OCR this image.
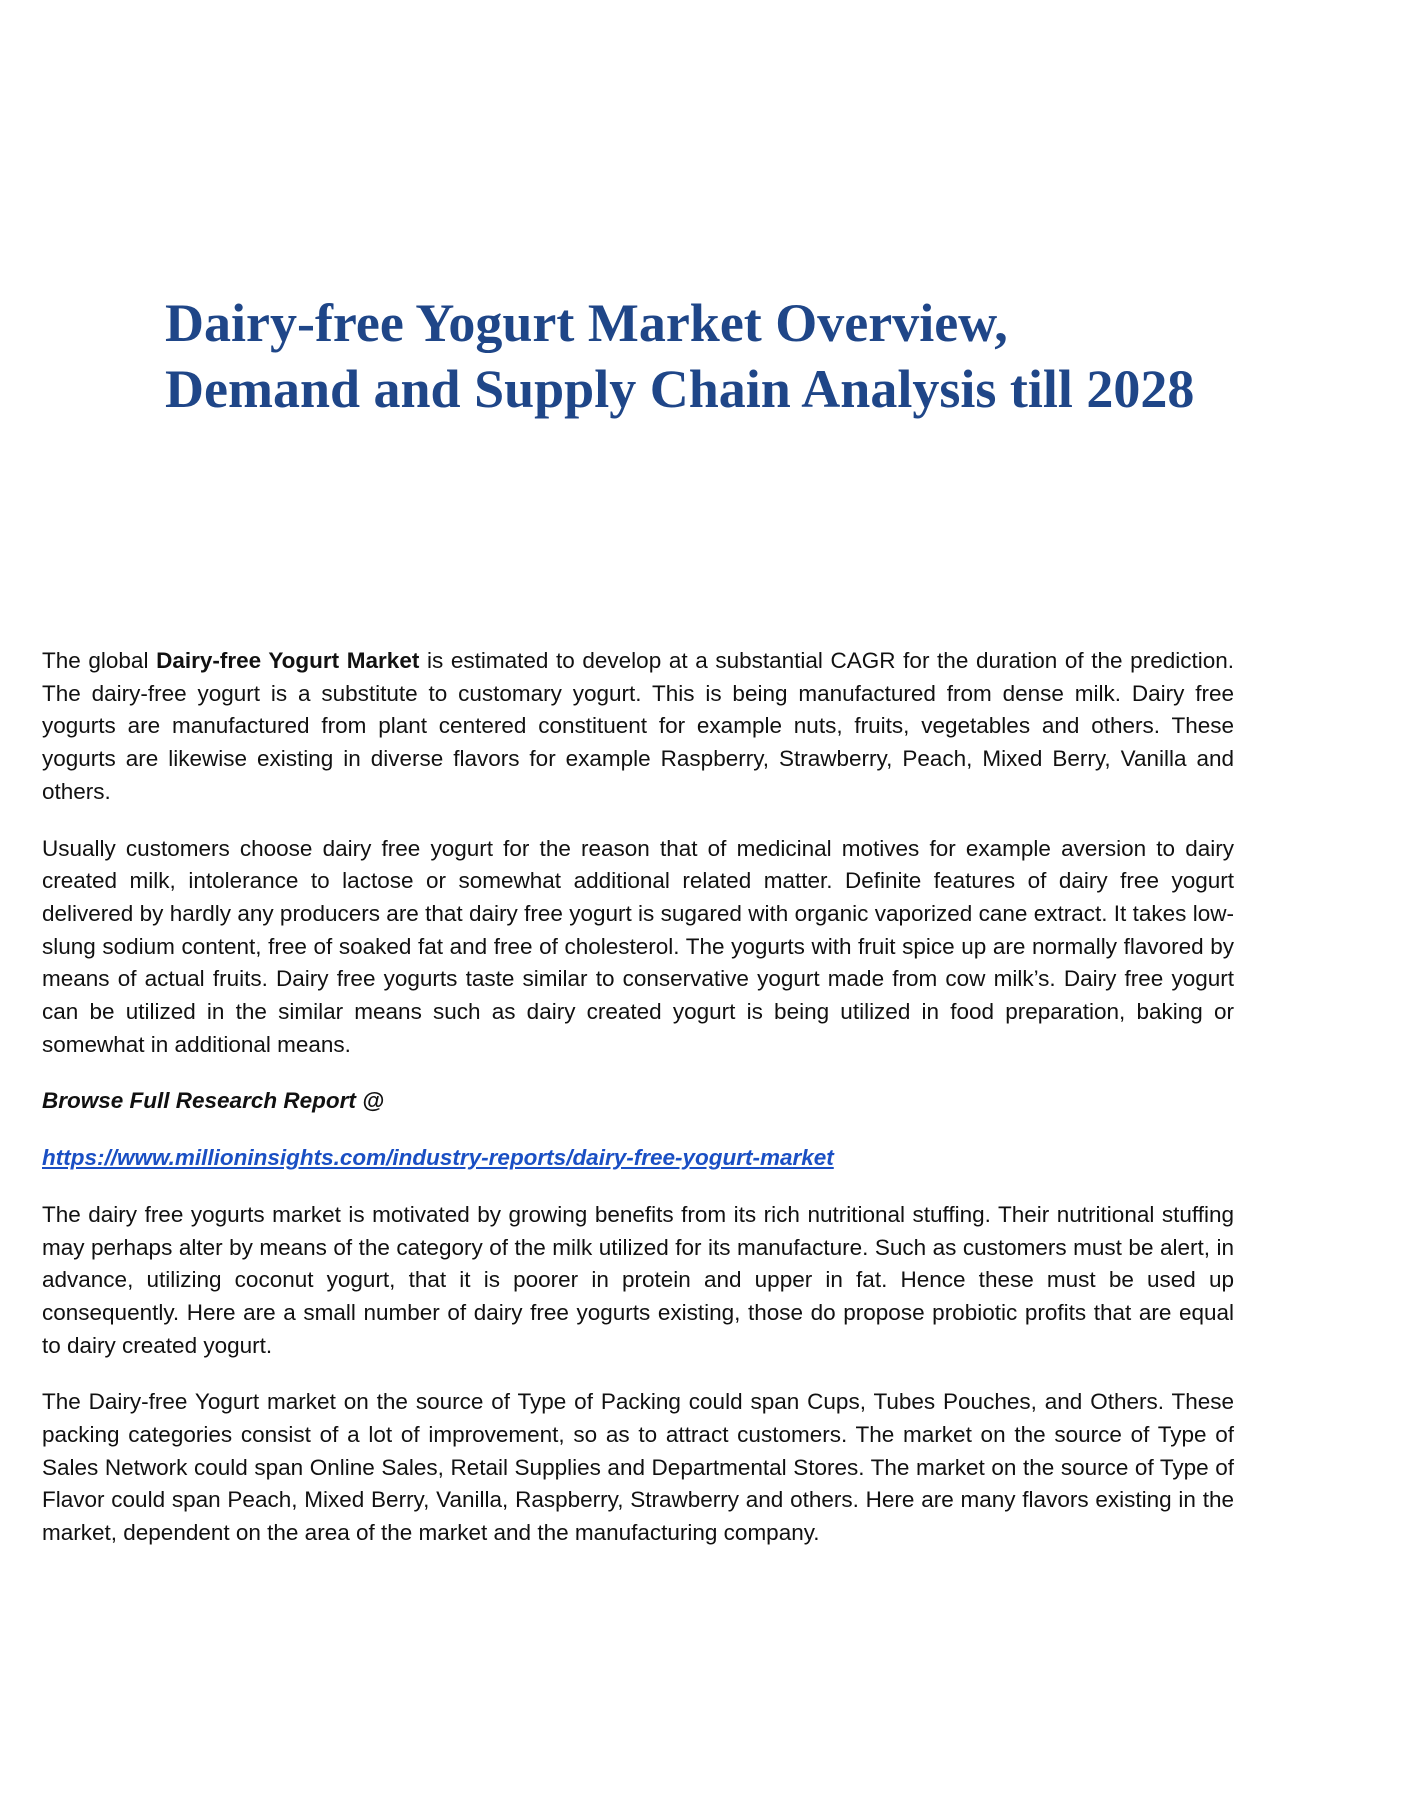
Dairy-free Yogurt Market Overview,
Demand and Supply Chain Analysis till 2028

The global Dairy-free Yogurt Market is estimated to develop at a substantial CAGR for the duration of the prediction. The dairy-free yogurt is a substitute to customary yogurt. This is being manufactured from dense milk. Dairy free yogurts are manufactured from plant centered constituent for example nuts, fruits, vegetables and others. These yogurts are likewise existing in diverse flavors for example Raspberry, Strawberry, Peach, Mixed Berry, Vanilla and others.

Usually customers choose dairy free yogurt for the reason that of medicinal motives for example aversion to dairy created milk, intolerance to lactose or somewhat additional related matter. Definite features of dairy free yogurt delivered by hardly any producers are that dairy free yogurt is sugared with organic vaporized cane extract. It takes low-slung sodium content, free of soaked fat and free of cholesterol. The yogurts with fruit spice up are normally flavored by means of actual fruits. Dairy free yogurts taste similar to conservative yogurt made from cow milk’s. Dairy free yogurt can be utilized in the similar means such as dairy created yogurt is being utilized in food preparation, baking or somewhat in additional means.

Browse Full Research Report @

https://www.millioninsights.com/industry-reports/dairy-free-yogurt-market

The dairy free yogurts market is motivated by growing benefits from its rich nutritional stuffing. Their nutritional stuffing may perhaps alter by means of the category of the milk utilized for its manufacture. Such as customers must be alert, in advance, utilizing coconut yogurt, that it is poorer in protein and upper in fat. Hence these must be used up consequently. Here are a small number of dairy free yogurts existing, those do propose probiotic profits that are equal to dairy created yogurt.

The Dairy-free Yogurt market on the source of Type of Packing could span Cups, Tubes Pouches, and Others. These packing categories consist of a lot of improvement, so as to attract customers. The market on the source of Type of Sales Network could span Online Sales, Retail Supplies and Departmental Stores. The market on the source of Type of Flavor could span Peach, Mixed Berry, Vanilla, Raspberry, Strawberry and others. Here are many flavors existing in the market, dependent on the area of the market and the manufacturing company.
